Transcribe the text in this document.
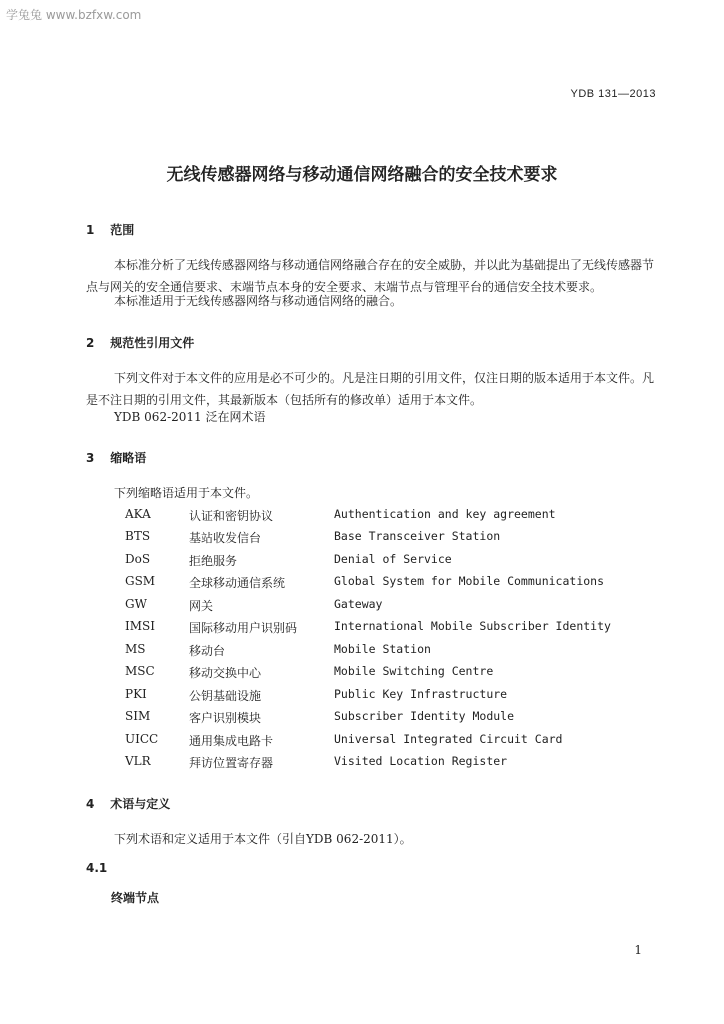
学兔兔 www.bzfxw.com
YDB 131—2013
无线传感器网络与移动通信网络融合的安全技术要求
1 范围
本标准分析了无线传感器网络与移动通信网络融合存在的安全威胁，并以此为基础提出了无线传感器节点与网关的安全通信要求、末端节点本身的安全要求、末端节点与管理平台的通信安全技术要求。
本标准适用于无线传感器网络与移动通信网络的融合。
2 规范性引用文件
下列文件对于本文件的应用是必不可少的。凡是注日期的引用文件，仅注日期的版本适用于本文件。凡是不注日期的引用文件，其最新版本（包括所有的修改单）适用于本文件。
YDB 062-2011 泛在网术语
3 缩略语
下列缩略语适用于本文件。
AKA	认证和密钥协议	Authentication and key agreement
BTS	基站收发信台	Base Transceiver Station
DoS	拒绝服务	Denial of Service
GSM	全球移动通信系统	Global System for Mobile Communications
GW	网关	Gateway
IMSI	国际移动用户识别码	International Mobile Subscriber Identity
MS	移动台	Mobile Station
MSC	移动交换中心	Mobile Switching Centre
PKI	公钥基础设施	Public Key Infrastructure
SIM	客户识别模块	Subscriber Identity Module
UICC	通用集成电路卡	Universal Integrated Circuit Card
VLR	拜访位置寄存器	Visited Location Register
4 术语与定义
下列术语和定义适用于本文件（引自YDB 062-2011）。
4.1
终端节点
1
